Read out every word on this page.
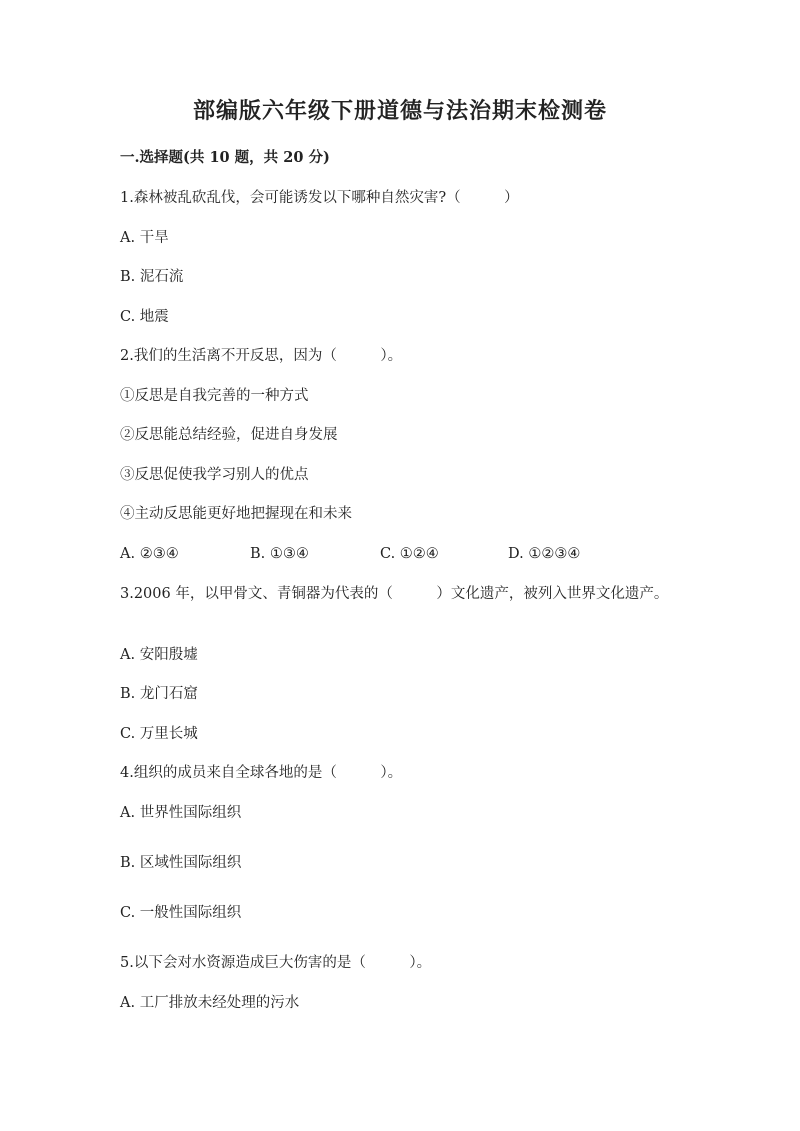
部编版六年级下册道德与法治期末检测卷
一.选择题(共 10 题，共 20 分)
1.森林被乱砍乱伐，会可能诱发以下哪种自然灾害?（　　　）
A. 干旱
B. 泥石流
C. 地震
2.我们的生活离不开反思，因为（　　　）。
①反思是自我完善的一种方式
②反思能总结经验，促进自身发展
③反思促使我学习别人的优点
④主动反思能更好地把握现在和未来
A. ②③④	B. ①③④	C. ①②④	D. ①②③④
3.2006 年，以甲骨文、青铜器为代表的（　　　）文化遗产，被列入世界文化遗产。
A. 安阳殷墟
B. 龙门石窟
C. 万里长城
4.组织的成员来自全球各地的是（　　　）。
A. 世界性国际组织
B. 区域性国际组织
C. 一般性国际组织
5.以下会对水资源造成巨大伤害的是（　　　）。
A. 工厂排放未经处理的污水
